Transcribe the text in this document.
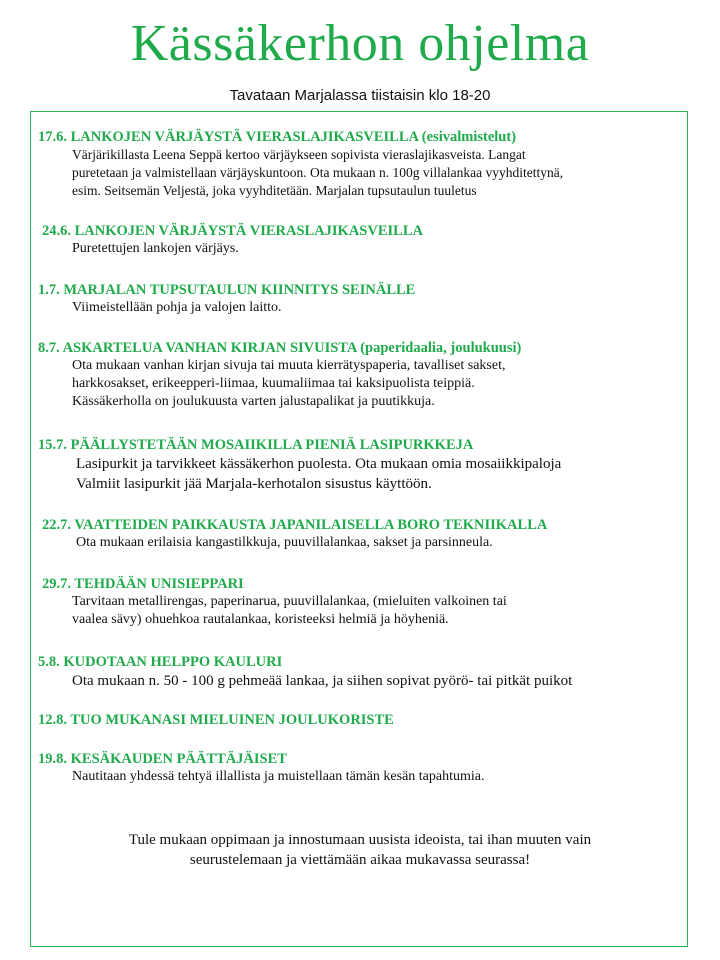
Kässäkerhon ohjelma
Tavataan Marjalassa tiistaisin klo 18-20
17.6. LANKOJEN VÄRJÄYSTÄ VIERASLAJIKASVEILLA (esivalmistelut)
Värjärikillasta Leena Seppä kertoo värjäykseen sopivista vieraslajikasveista. Langat
puretetaan ja valmistellaan värjäyskuntoon. Ota mukaan n. 100g villalankaa vyyhditettynä,
esim. Seitsemän Veljestä, joka vyyhditetään. Marjalan tupsutaulun tuuletus
24.6. LANKOJEN VÄRJÄYSTÄ VIERASLAJIKASVEILLA
Puretettujen lankojen värjäys.
1.7. MARJALAN TUPSUTAULUN KIINNITYS SEINÄLLE
Viimeistellään pohja ja valojen laitto.
8.7. ASKARTELUA VANHAN KIRJAN SIVUISTA (paperidaalia, joulukuusi)
Ota mukaan vanhan kirjan sivuja tai muuta kierrätyspaperia, tavalliset sakset,
harkkosakset, erikeepperi-liimaa, kuumaliimaa tai kaksipuolista teippiä.
Kässäkerholla on joulukuusta varten jalustapalikat ja puutikkuja.
15.7. PÄÄLLYSTETÄÄN MOSAIIKILLA PIENIÄ LASIPURKKEJA
Lasipurkit ja tarvikkeet kässäkerhon puolesta. Ota mukaan omia mosaiikkipaloja
Valmiit lasipurkit jää Marjala-kerhotalon sisustus käyttöön.
22.7. VAATTEIDEN PAIKKAUSTA JAPANILAISELLA BORO TEKNIIKALLA
Ota mukaan erilaisia kangastilkkuja, puuvillalankaa, sakset ja parsinneula.
29.7. TEHDÄÄN UNISIEPPARI
Tarvitaan metallirengas, paperinarua, puuvillalankaa, (mieluiten valkoinen tai
vaalea sävy) ohuehkoa rautalankaa, koristeeksi helmiä ja höyheniä.
5.8. KUDOTAAN HELPPO KAULURI
Ota mukaan n. 50 - 100 g pehmeää lankaa, ja siihen sopivat pyörö- tai pitkät puikot
12.8. TUO MUKANASI MIELUINEN JOULUKORISTE
19.8. KESÄKAUDEN PÄÄTTÄJÄISET
Nautitaan yhdessä tehtyä illallista ja muistellaan tämän kesän tapahtumia.
Tule mukaan oppimaan ja innostumaan uusista ideoista, tai ihan muuten vain
seurustelemaan ja viettämään aikaa mukavassa seurassa!
